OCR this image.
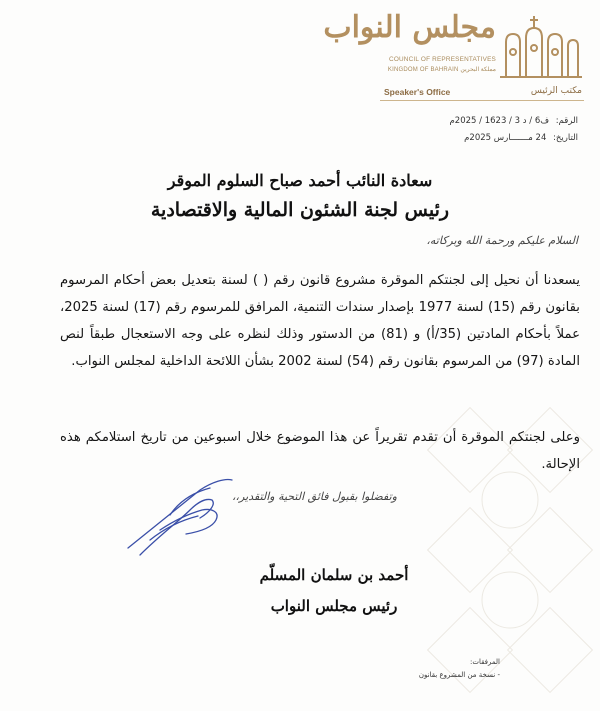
مجلس النواب
COUNCIL OF REPRESENTATIVES
KINGDOM OF BAHRAIN مملكة البحرين
Speaker's Office	مكتب الرئيس
الرقم: ف6 / د 3 / 1623 / 2025م
التاريخ: 24 مـــــــارس 2025م
سعادة النائب أحمد صباح السلوم الموقر
رئيس لجنة الشئون المالية والاقتصادية
السلام عليكم ورحمة الله وبركاته،
يسعدنا أن نحيل إلى لجنتكم الموقرة مشروع قانون رقم ( ) لسنة بتعديل بعض أحكام المرسوم بقانون رقم (15) لسنة 1977 بإصدار سندات التنمية، المرافق للمرسوم رقم (17) لسنة 2025، عملاً بأحكام المادتين (35/أ) و (81) من الدستور وذلك لنظره على وجه الاستعجال طبقاً لنص المادة (97) من المرسوم بقانون رقم (54) لسنة 2002 بشأن اللائحة الداخلية لمجلس النواب.
وعلى لجنتكم الموقرة أن تقدم تقريراً عن هذا الموضوع خلال اسبوعين من تاريخ استلامكم هذه الإحالة.
وتفضلوا بقبول فائق التحية والتقدير،،
أحمد بن سلمان المسلّم
رئيس مجلس النواب
المرفقات:
- نسخة من المشروع بقانون
